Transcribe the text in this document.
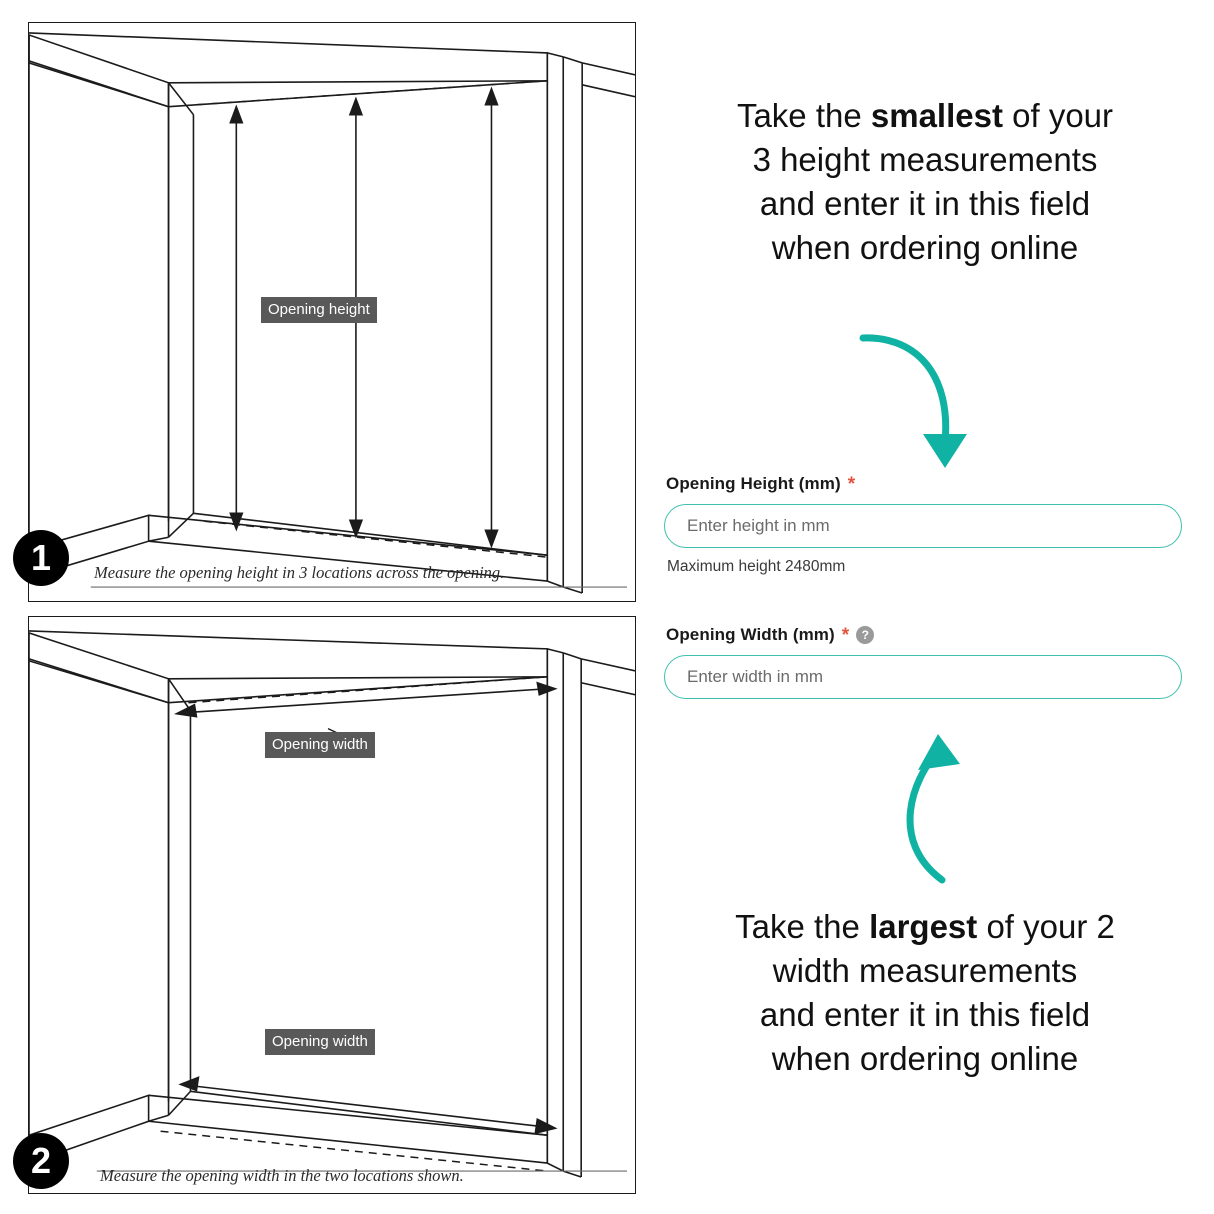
Opening height
1	Measure the opening height in 3 locations across the opening.
Opening width
Opening width
2	Measure the opening width in the two locations shown.
Take the smallest of your
3 height measurements
and enter it in this field
when ordering online
Opening Height (mm) *
Enter height in mm
Maximum height 2480mm
Opening Width (mm) *	?
Enter width in mm
Take the largest of your 2
width measurements
and enter it in this field
when ordering online
